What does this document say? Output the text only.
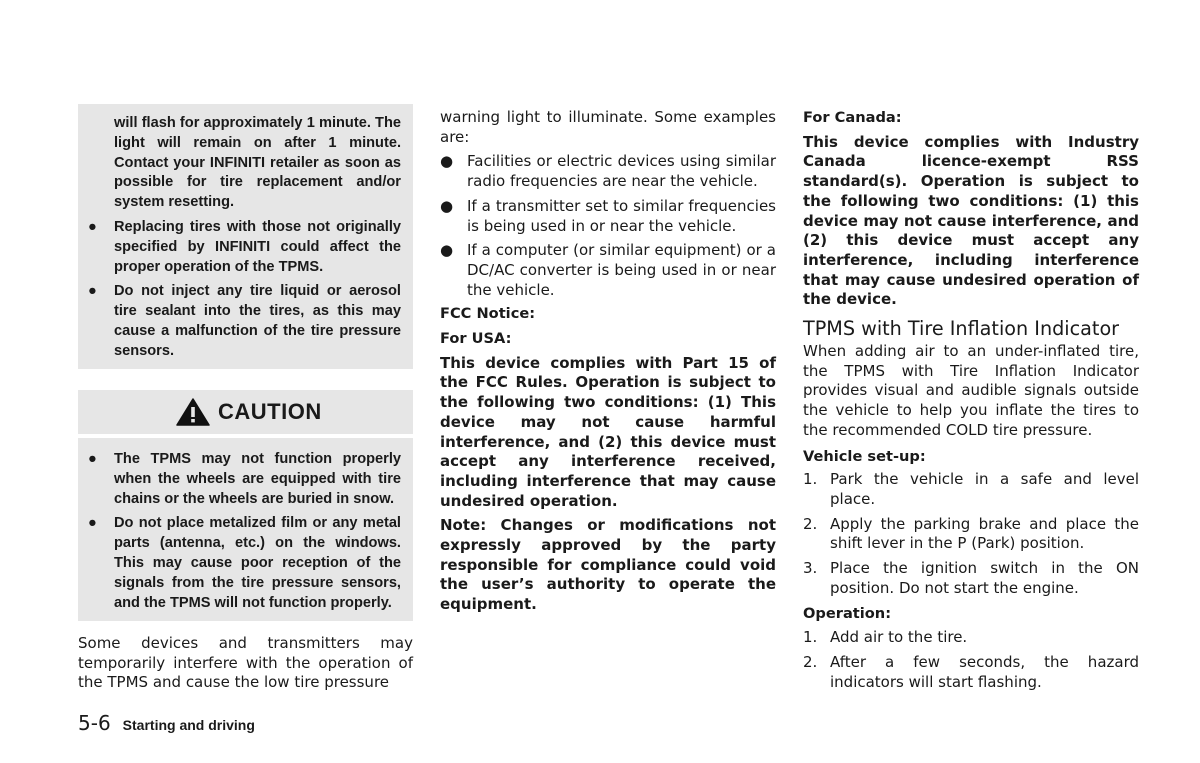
will flash for approximately 1 minute. The light will remain on after 1 minute. Contact your INFINITI retailer as soon as possible for tire replacement and/or system resetting.

● Replacing tires with those not originally specified by INFINITI could affect the proper operation of the TPMS.

● Do not inject any tire liquid or aerosol tire sealant into the tires, as this may cause a malfunction of the tire pressure sensors.

CAUTION

● The TPMS may not function properly when the wheels are equipped with tire chains or the wheels are buried in snow.

● Do not place metalized film or any metal parts (antenna, etc.) on the windows. This may cause poor reception of the signals from the tire pressure sensors, and the TPMS will not function properly.

Some devices and transmitters may temporarily interfere with the operation of the TPMS and cause the low tire pressure

warning light to illuminate. Some examples are:

● Facilities or electric devices using similar radio frequencies are near the vehicle.

● If a transmitter set to similar frequencies is being used in or near the vehicle.

● If a computer (or similar equipment) or a DC/AC converter is being used in or near the vehicle.

FCC Notice:

For USA:

This device complies with Part 15 of the FCC Rules. Operation is subject to the following two conditions: (1) This device may not cause harmful interference, and (2) this device must accept any interference received, including interference that may cause undesired operation.

Note: Changes or modifications not expressly approved by the party responsible for compliance could void the user’s authority to operate the equipment.

For Canada:

This device complies with Industry Canada licence-exempt RSS standard(s). Operation is subject to the following two conditions: (1) this device may not cause interference, and (2) this device must accept any interference, including interference that may cause undesired operation of the device.

TPMS with Tire Inflation Indicator

When adding air to an under-inflated tire, the TPMS with Tire Inflation Indicator provides visual and audible signals outside the vehicle to help you inflate the tires to the recommended COLD tire pressure.

Vehicle set-up:

1. Park the vehicle in a safe and level place.

2. Apply the parking brake and place the shift lever in the P (Park) position.

3. Place the ignition switch in the ON position. Do not start the engine.

Operation:

1. Add air to the tire.

2. After a few seconds, the hazard indicators will start flashing.

5-6 Starting and driving
